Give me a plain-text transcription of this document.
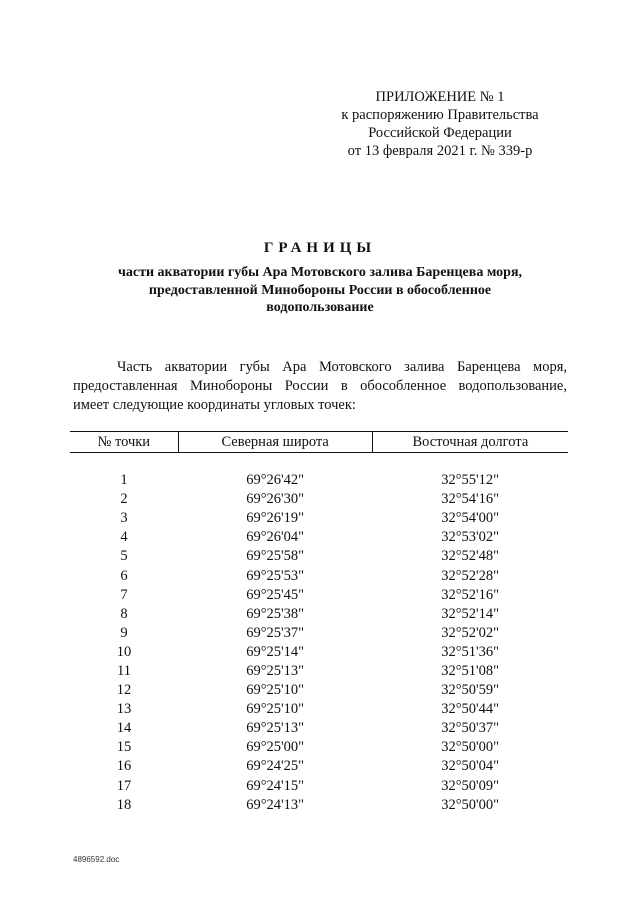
ПРИЛОЖЕНИЕ № 1
к распоряжению Правительства
Российской Федерации
от 13 февраля 2021 г. № 339-р
ГРАНИЦЫ
части акватории губы Ара Мотовского залива Баренцева моря,
предоставленной Минобороны России в обособленное
водопользование
Часть акватории губы Ара Мотовского залива Баренцева моря,
предоставленная Минобороны России в обособленное водопользование,
имеет следующие координаты угловых точек:
№ точки	Северная широта	Восточная долгота

1	69°26'42"	32°55'12"
2	69°26'30"	32°54'16"
3	69°26'19"	32°54'00"
4	69°26'04"	32°53'02"
5	69°25'58"	32°52'48"
6	69°25'53"	32°52'28"
7	69°25'45"	32°52'16"
8	69°25'38"	32°52'14"
9	69°25'37"	32°52'02"
10	69°25'14"	32°51'36"
11	69°25'13"	32°51'08"
12	69°25'10"	32°50'59"
13	69°25'10"	32°50'44"
14	69°25'13"	32°50'37"
15	69°25'00"	32°50'00"
16	69°24'25"	32°50'04"
17	69°24'15"	32°50'09"
18	69°24'13"	32°50'00"
4896592.doc
